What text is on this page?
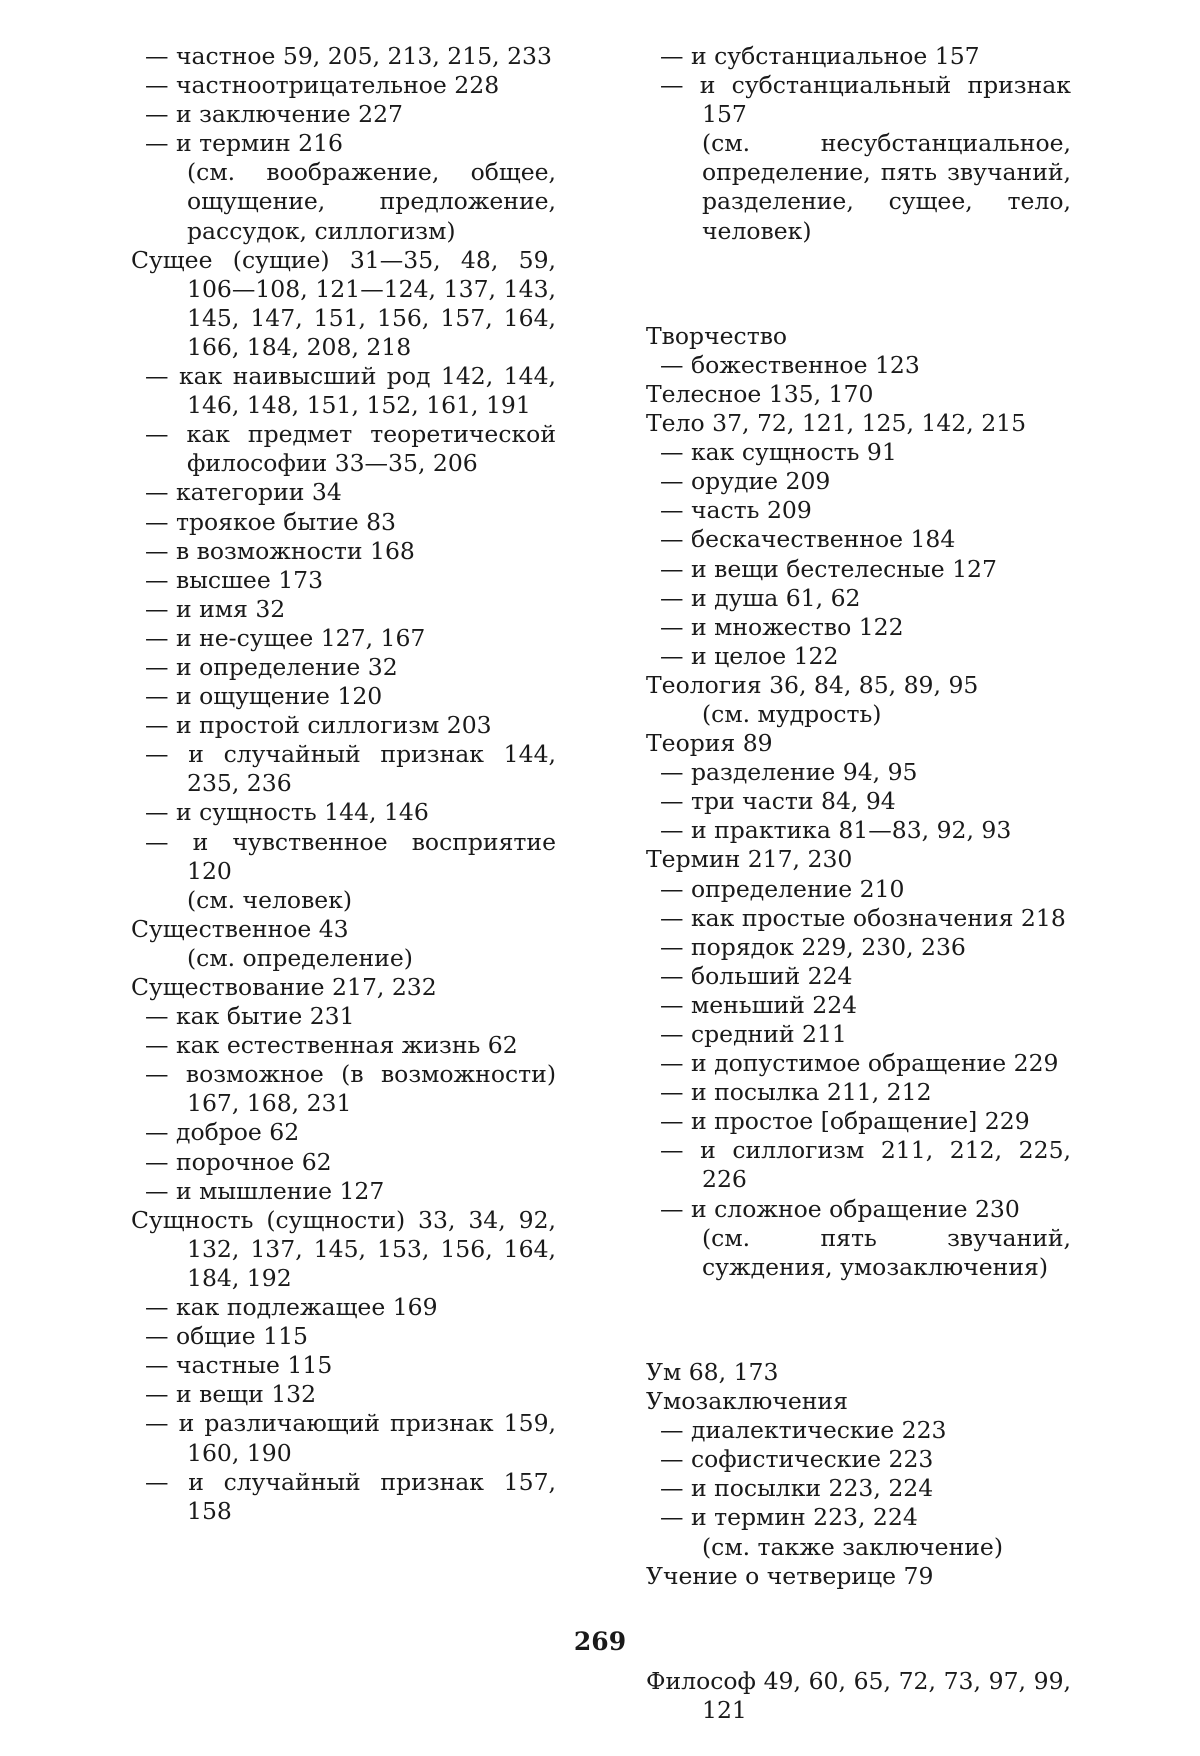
— частное 59, 205, 213, 215, 233

— частноотрицательное 228

— и заключение 227

— и термин 216

(см. воображение, общее, ощущение, предложение, рассудок, силлогизм)

Сущее (сущие) 31—35, 48, 59, 106—108, 121—124, 137, 143, 145, 147, 151, 156, 157, 164, 166, 184, 208, 218

— как наивысший род 142, 144, 146, 148, 151, 152, 161, 191

— как предмет теоретической философии 33—35, 206

— категории 34

— троякое бытие 83

— в возможности 168

— высшее 173

— и имя 32

— и не-сущее 127, 167

— и определение 32

— и ощущение 120

— и простой силлогизм 203

— и случайный признак 144, 235, 236

— и сущность 144, 146

— и чувственное восприятие 120

(см. человек)

Существенное 43

(см. определение)

Существование 217, 232

— как бытие 231

— как естественная жизнь 62

— возможное (в возможности) 167, 168, 231

— доброе 62

— порочное 62

— и мышление 127

Сущность (сущности) 33, 34, 92, 132, 137, 145, 153, 156, 164, 184, 192

— как подлежащее 169

— общие 115

— частные 115

— и вещи 132

— и различающий признак 159, 160, 190

— и случайный признак 157, 158

— и субстанциальное 157

— и субстанциальный признак 157

(см. несубстанциальное, определение, пять звучаний, разделение, сущее, тело, человек)

Творчество

— божественное 123

Телесное 135, 170

Тело 37, 72, 121, 125, 142, 215

— как сущность 91

— орудие 209

— часть 209

— бескачественное 184

— и вещи бестелесные 127

— и душа 61, 62

— и множество 122

— и целое 122

Теология 36, 84, 85, 89, 95

(см. мудрость)

Теория 89

— разделение 94, 95

— три части 84, 94

— и практика 81—83, 92, 93

Термин 217, 230

— определение 210

— как простые обозначения 218

— порядок 229, 230, 236

— больший 224

— меньший 224

— средний 211

— и допустимое обращение 229

— и посылка 211, 212

— и простое [обращение] 229

— и силлогизм 211, 212, 225, 226

— и сложное обращение 230

(см. пять звучаний, суждения, умозаключения)

Ум 68, 173

Умозаключения

— диалектические 223

— софистические 223

— и посылки 223, 224

— и термин 223, 224

(см. также заключение)

Учение о четверице 79

Философ 49, 60, 65, 72, 73, 97, 99, 121

269
